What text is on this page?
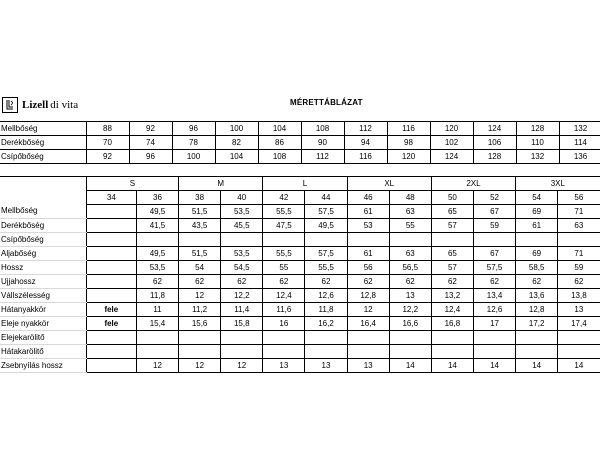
Lizell di vita	MÉRETTÁBLÁZAT
Mellbőség	88	92	96	100	104	108	112	116	120	124	128	132
Derékbőség	70	74	78	82	86	90	94	98	102	106	110	114
Csípőbőség	92	96	100	104	108	112	116	120	124	128	132	136
	S		M		L		XL		2XL		3XL	
	34	36	38	40	42	44	46	48	50	52	54	56
Mellbőség		49,5	51,5	53,5	55,5	57,5	61	63	65	67	69	71
Derékbőség		41,5	43,5	45,5	47,5	49,5	53	55	57	59	61	63
Csípőbőség												
Aljabőség		49,5	51,5	53,5	55,5	57,5	61	63	65	67	69	71
Hossz		53,5	54	54,5	55	55,5	56	56,5	57	57,5	58,5	59
Ujjahossz		62	62	62	62	62	62	62	62	62	62	62
Vállszélesség		11,8	12	12,2	12,4	12,6	12,8	13	13,2	13,4	13,6	13,8
Hátanyakkör	fele	11	11,2	11,4	11,6	11,8	12	12,2	12,4	12,6	12,8	13
Eleje nyakkör	fele	15,4	15,6	15,8	16	16,2	16,4	16,6	16,8	17	17,2	17,4
Elejekarölitő												
Hátakarölitő												
Zsebnyílás hossz		12	12	12	13	13	13	14	14	14	14	14
